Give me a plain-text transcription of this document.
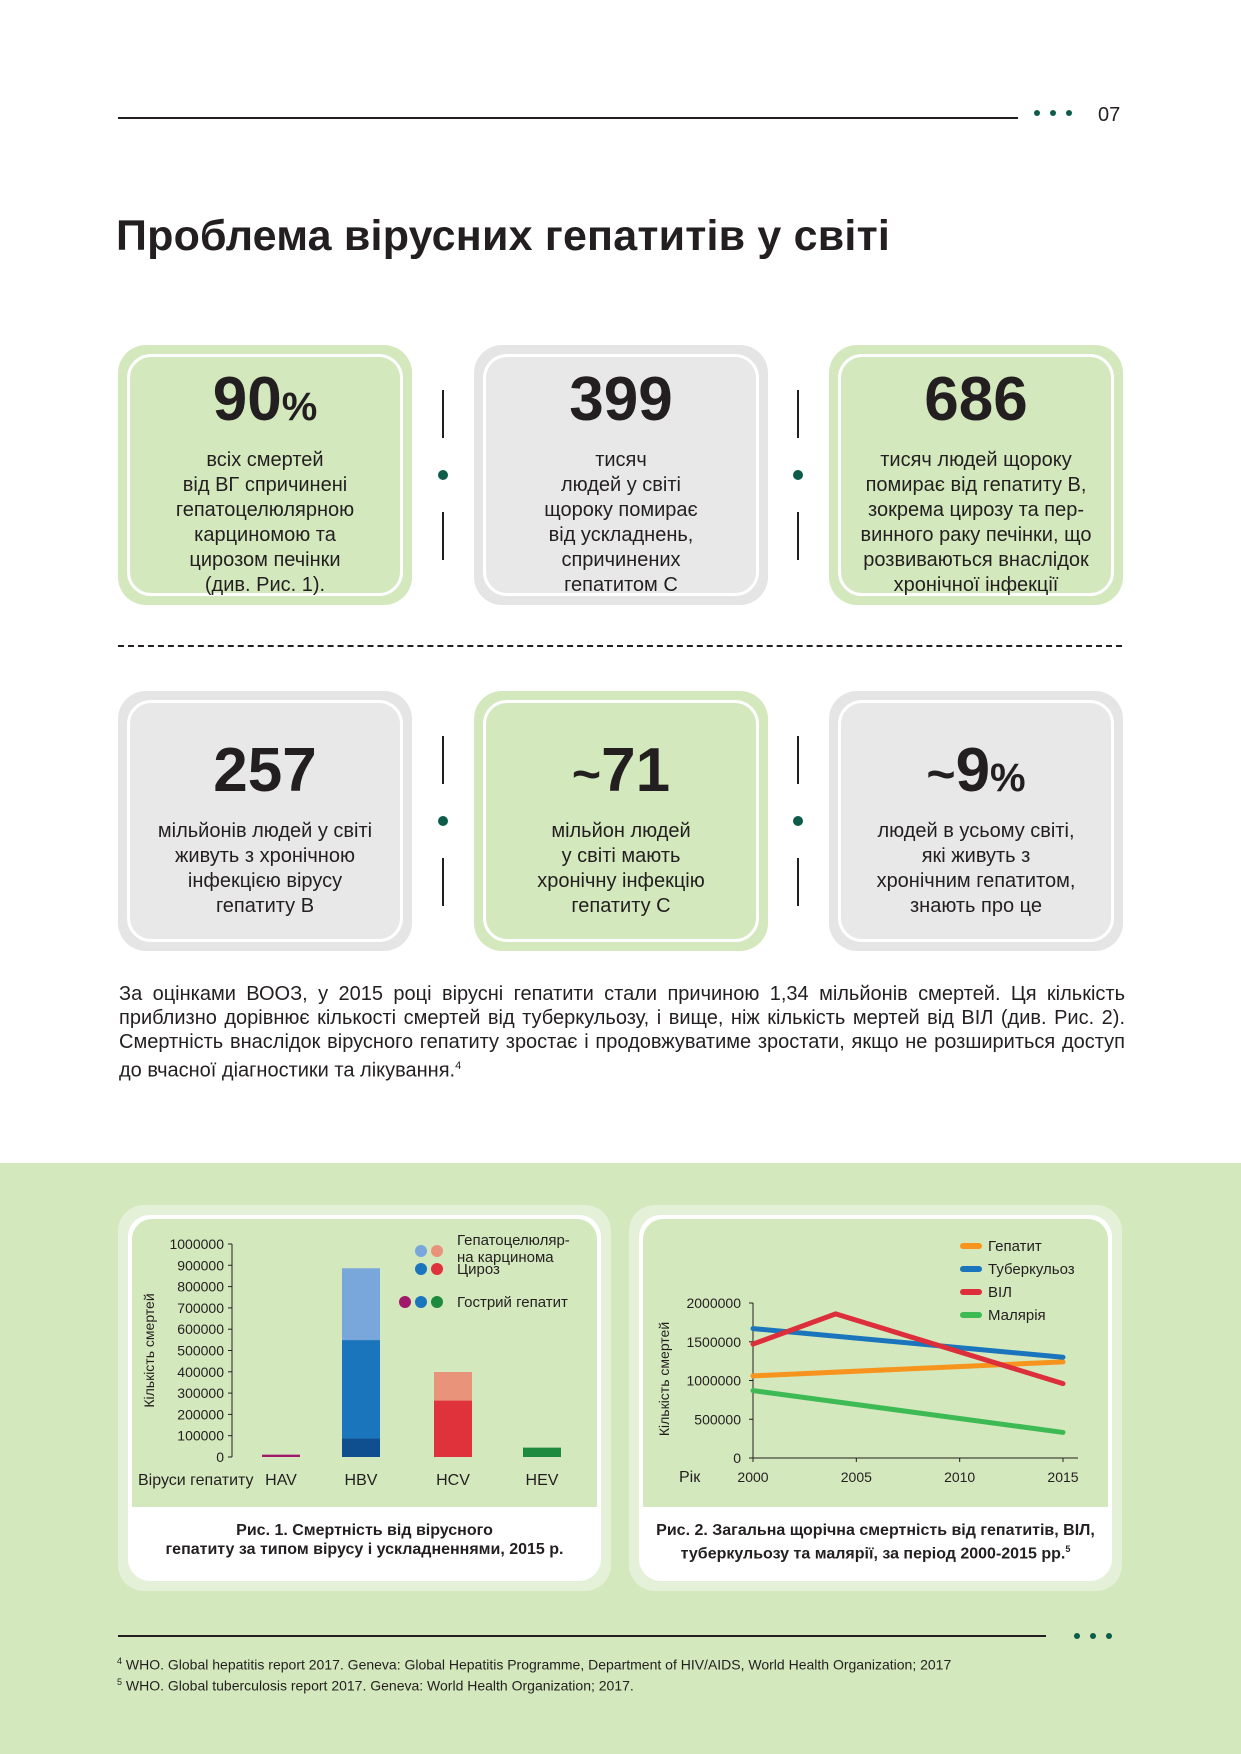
07
Проблема вірусних гепатитів у світі
90%
всіх смертей
від ВГ спричинені
гепатоцелюлярною
карциномою та
цирозом печінки
(див. Рис. 1).
399
тисяч
людей у світі
щороку помирає
від ускладнень,
спричинених
гепатитом С
686
тисяч людей щороку
помирає від гепатиту В,
зокрема цирозу та пер-
винного раку печінки, що
розвиваються внаслідок
хронічної інфекції
257
мільйонів людей у світі
живуть з хронічною
інфекцією вірусу
гепатиту В
~71
мільйон людей
у світі мають
хронічну інфекцію
гепатиту С
~9%
людей в усьому світі,
які живуть з
хронічним гепатитом,
знають про це

За оцінками ВООЗ, у 2015 році вірусні гепатити стали причиною 1,34 мільйонів смертей. Ця кількість приблизно дорівнює кількості смертей від туберкульозу, і вище, ніж кількість мертей від ВІЛ (див. Рис. 2). Смертність внаслідок вірусного гепатиту зростає і продовжуватиме зростати, якщо не розшириться доступ до вчасної діагностики та лікування.$^4$

1000000
900000
800000
700000
600000
500000
400000
300000
200000
100000
0
Кількість смертей
Віруси гепатиту HAV	HBV	HCV	HEV
Гепатоцелюляр-
на карцинома
Цироз
Гострий гепатит
Рис. 1. Смертність від вірусного
гепатиту за типом вірусу і ускладненнями, 2015 р.
2000000
1500000
1000000
500000
0
2000	2005	2010	2015
Кількість смертей
Рік
Гепатит
Туберкульоз
ВІЛ
Малярія
Рис. 2. Загальна щорічна смертність від гепатитів, ВІЛ,
туберкульозу та малярії, за період 2000-2015 рр.$^5$
$^4$ WHO. Global hepatitis report 2017. Geneva: Global Hepatitis Programme, Department of HIV/AIDS, World Health Organization; 2017
$^5$ WHO. Global tuberculosis report 2017. Geneva: World Health Organization; 2017.
